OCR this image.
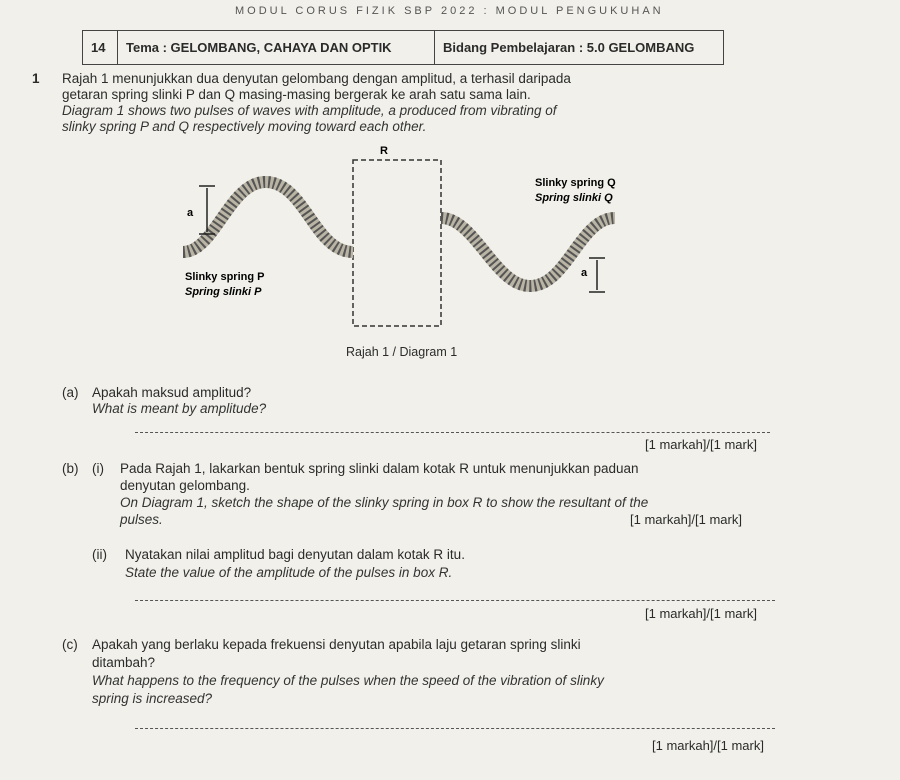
MODUL CORUS FIZIK SBP 2022 : MODUL PENGUKUHAN
14	Tema : GELOMBANG, CAHAYA DAN OPTIK	Bidang Pembelajaran : 5.0 GELOMBANG
1 Rajah 1 menunjukkan dua denyutan gelombang dengan amplitud, a terhasil daripada
getaran spring slinki P dan Q masing-masing bergerak ke arah satu sama lain.
Diagram 1 shows two pulses of waves with amplitude, a produced from vibrating of
slinky spring P and Q respectively moving toward each other.
R
a
a
Slinky spring P
Spring slinki P
Slinky spring Q
Spring slinki Q
Rajah 1 / Diagram 1
(a) Apakah maksud amplitud?
What is meant by amplitude?
[1 markah]/[1 mark]
(b) (i) Pada Rajah 1, lakarkan bentuk spring slinki dalam kotak R untuk menunjukkan paduan
denyutan gelombang.
On Diagram 1, sketch the shape of the slinky spring in box R to show the resultant of the
pulses.	[1 markah]/[1 mark]
(ii) Nyatakan nilai amplitud bagi denyutan dalam kotak R itu.
State the value of the amplitude of the pulses in box R.
[1 markah]/[1 mark]
(c) Apakah yang berlaku kepada frekuensi denyutan apabila laju getaran spring slinki
ditambah?
What happens to the frequency of the pulses when the speed of the vibration of slinky
spring is increased?
[1 markah]/[1 mark]
